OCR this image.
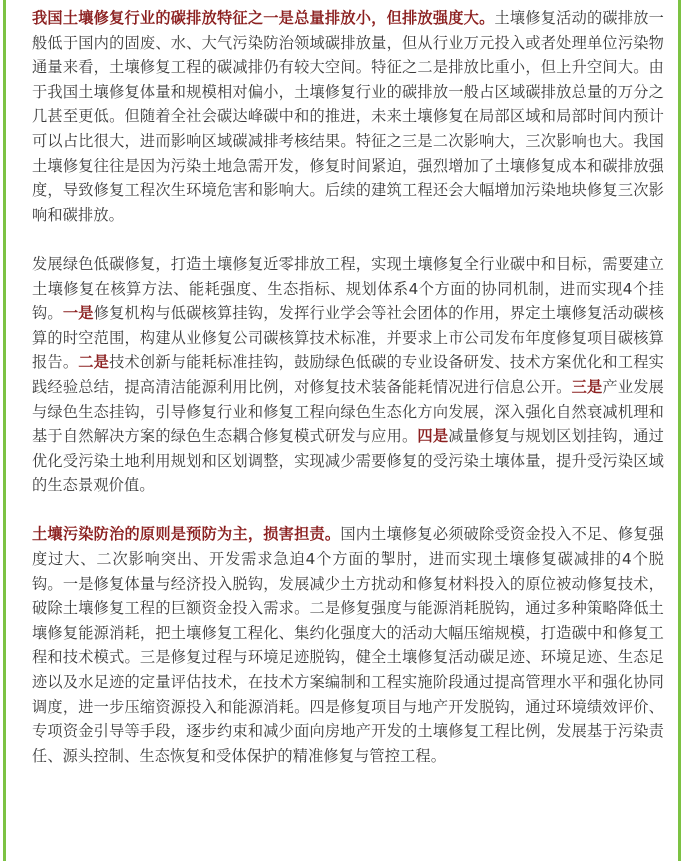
我国土壤修复行业的碳排放特征之一是总量排放小，但排放强度大。土壤修复活动的碳排放一般低于国内的固废、水、大气污染防治领域碳排放量，但从行业万元投入或者处理单位污染物通量来看，土壤修复工程的碳减排仍有较大空间。特征之二是排放比重小，但上升空间大。由于我国土壤修复体量和规模相对偏小，土壤修复行业的碳排放一般占区域碳排放总量的万分之几甚至更低。但随着全社会碳达峰碳中和的推进，未来土壤修复在局部区域和局部时间内预计可以占比很大，进而影响区域碳减排考核结果。特征之三是二次影响大，三次影响也大。我国土壤修复往往是因为污染土地急需开发，修复时间紧迫，强烈增加了土壤修复成本和碳排放强度，导致修复工程次生环境危害和影响大。后续的建筑工程还会大幅增加污染地块修复三次影响和碳排放。

发展绿色低碳修复，打造土壤修复近零排放工程，实现土壤修复全行业碳中和目标，需要建立土壤修复在核算方法、能耗强度、生态指标、规划体系4个方面的协同机制，进而实现4个挂钩。一是修复机构与低碳核算挂钩，发挥行业学会等社会团体的作用，界定土壤修复活动碳核算的时空范围，构建从业修复公司碳核算技术标准，并要求上市公司发布年度修复项目碳核算报告。二是技术创新与能耗标准挂钩，鼓励绿色低碳的专业设备研发、技术方案优化和工程实践经验总结，提高清洁能源利用比例，对修复技术装备能耗情况进行信息公开。三是产业发展与绿色生态挂钩，引导修复行业和修复工程向绿色生态化方向发展，深入强化自然衰减机理和基于自然解决方案的绿色生态耦合修复模式研发与应用。四是减量修复与规划区划挂钩，通过优化受污染土地利用规划和区划调整，实现减少需要修复的受污染土壤体量，提升受污染区域的生态景观价值。

土壤污染防治的原则是预防为主，损害担责。国内土壤修复必须破除受资金投入不足、修复强度过大、二次影响突出、开发需求急迫4个方面的掣肘，进而实现土壤修复碳减排的4个脱钩。一是修复体量与经济投入脱钩，发展减少土方扰动和修复材料投入的原位被动修复技术，破除土壤修复工程的巨额资金投入需求。二是修复强度与能源消耗脱钩，通过多种策略降低土壤修复能源消耗，把土壤修复工程化、集约化强度大的活动大幅压缩规模，打造碳中和修复工程和技术模式。三是修复过程与环境足迹脱钩，健全土壤修复活动碳足迹、环境足迹、生态足迹以及水足迹的定量评估技术，在技术方案编制和工程实施阶段通过提高管理水平和强化协同调度，进一步压缩资源投入和能源消耗。四是修复项目与地产开发脱钩，通过环境绩效评价、专项资金引导等手段，逐步约束和减少面向房地产开发的土壤修复工程比例，发展基于污染责任、源头控制、生态恢复和受体保护的精准修复与管控工程。
